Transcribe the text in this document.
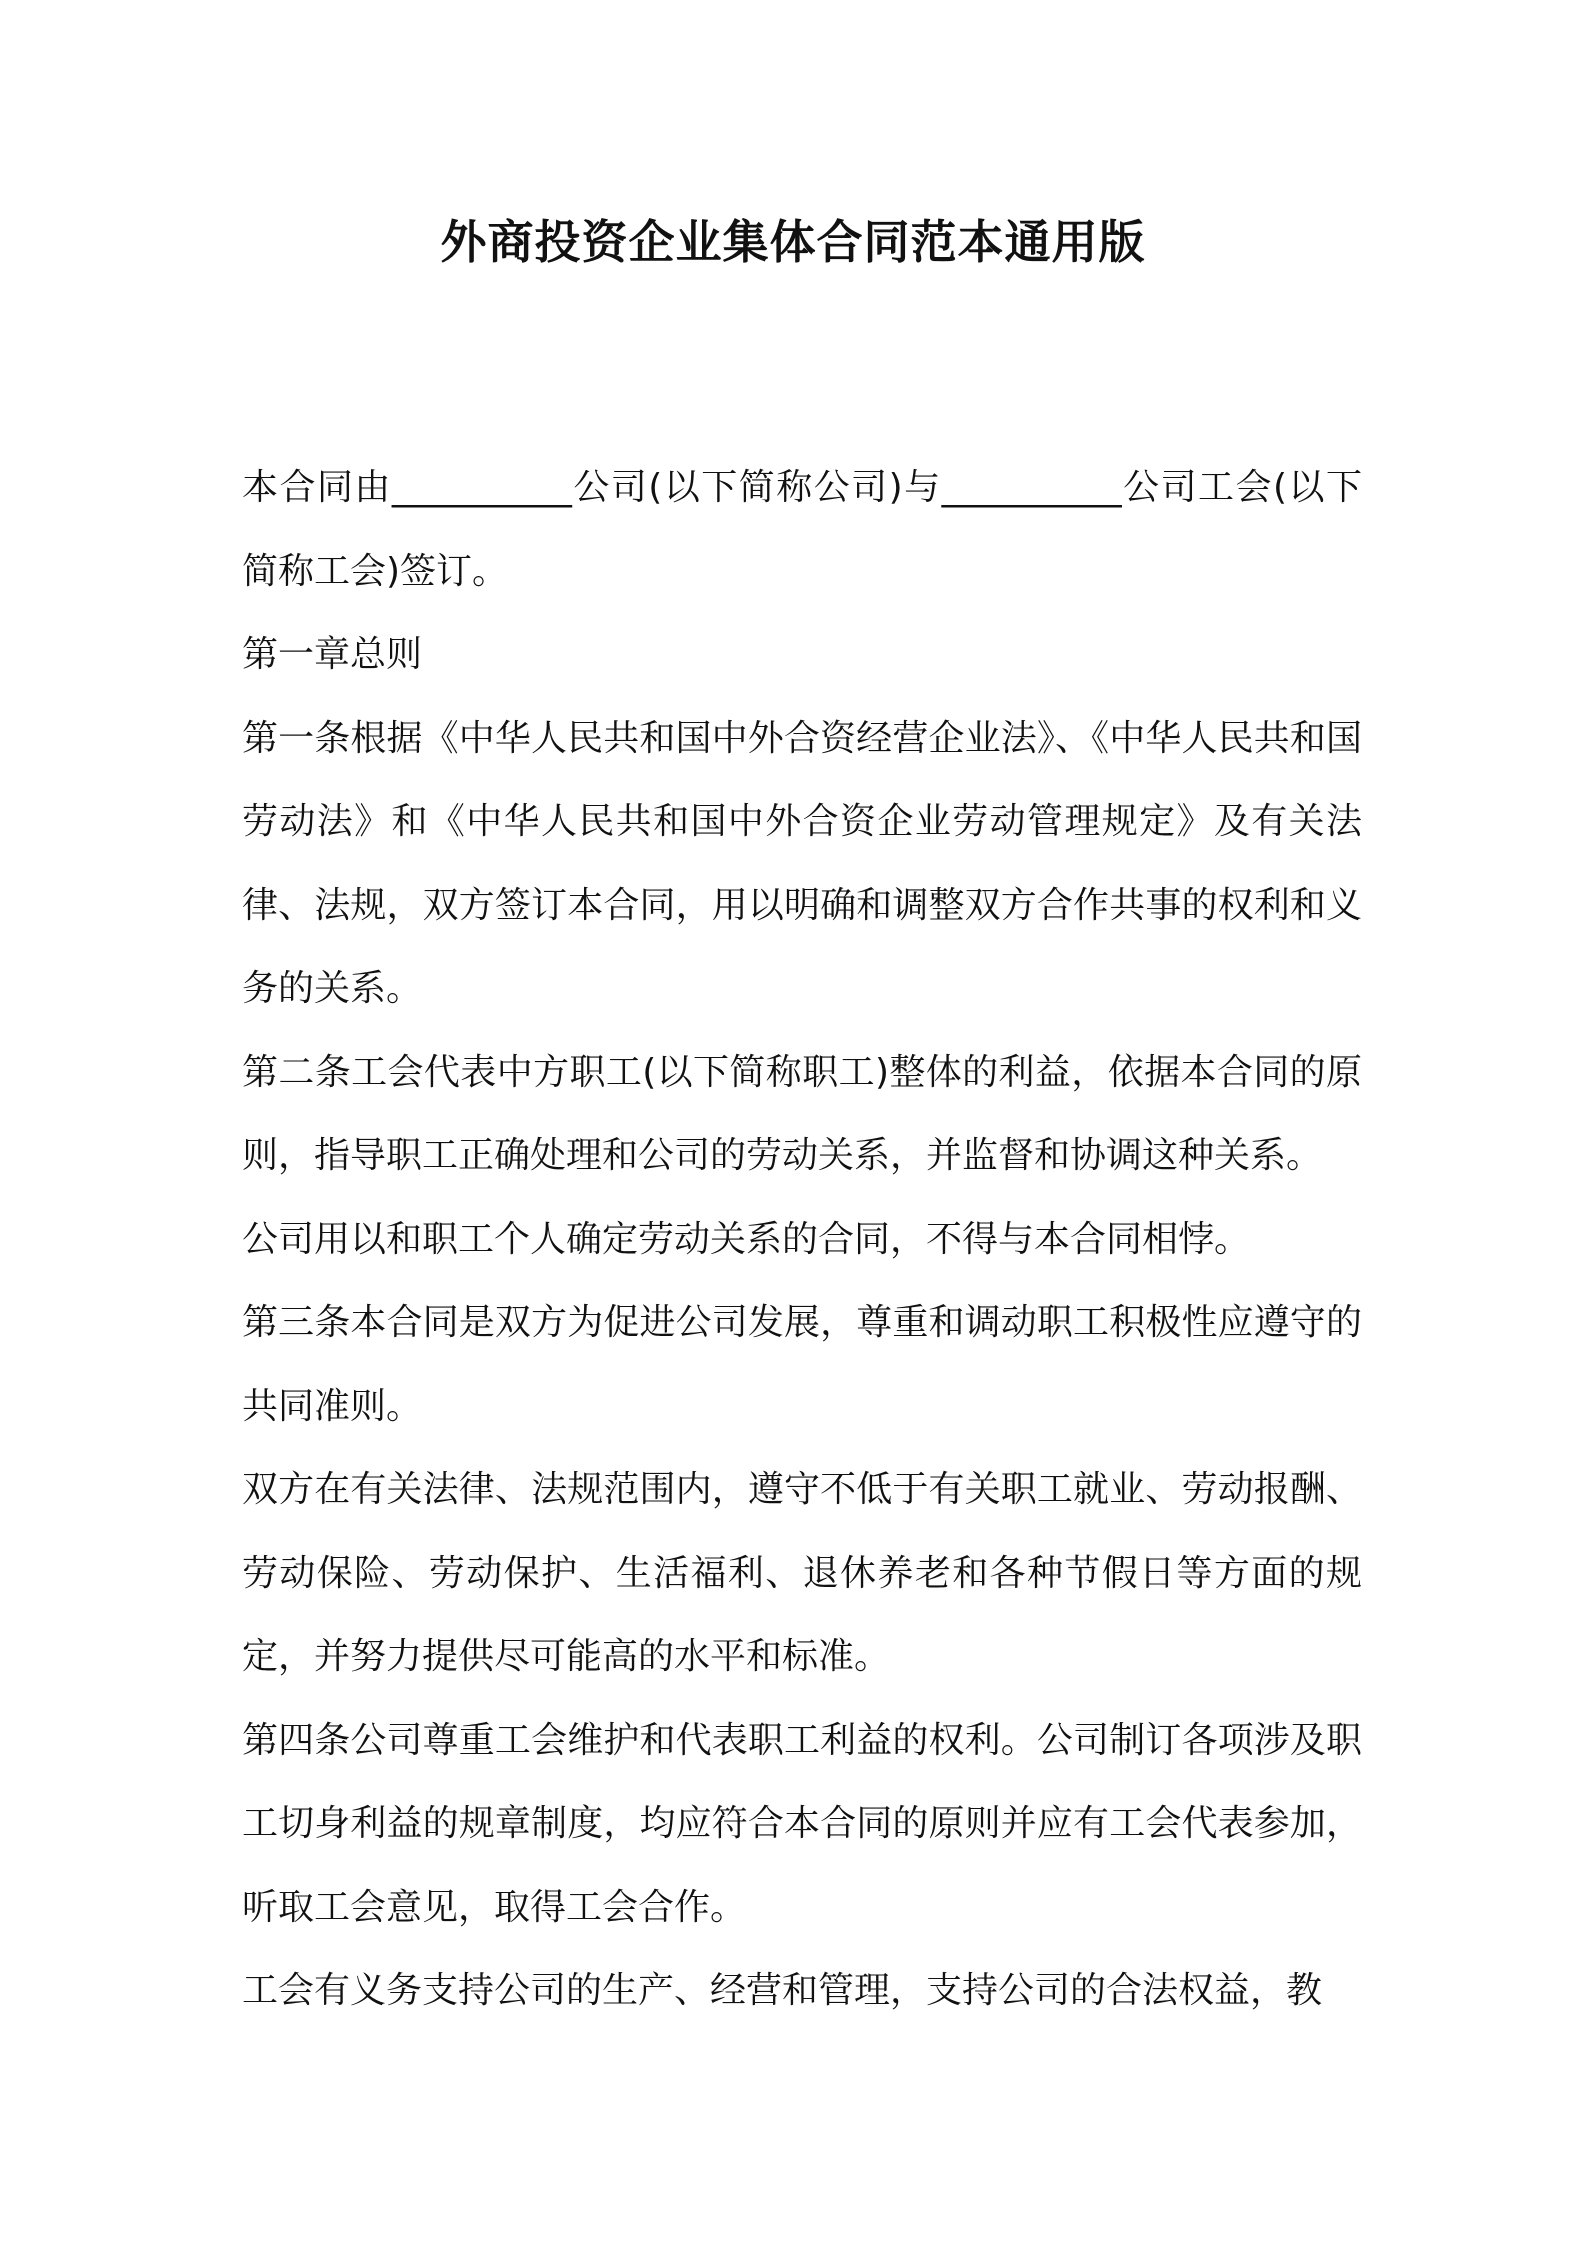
外商投资企业集体合同范本通用版

本合同由__________公司(以下简称公司)与__________公司工会(以下简称工会)签订。

第一章总则

第一条根据《中华人民共和国中外合资经营企业法》、《中华人民共和国劳动法》和《中华人民共和国中外合资企业劳动管理规定》及有关法律、法规，双方签订本合同，用以明确和调整双方合作共事的权利和义务的关系。

第二条工会代表中方职工(以下简称职工)整体的利益，依据本合同的原则，指导职工正确处理和公司的劳动关系，并监督和协调这种关系。

公司用以和职工个人确定劳动关系的合同，不得与本合同相悖。

第三条本合同是双方为促进公司发展，尊重和调动职工积极性应遵守的共同准则。

双方在有关法律、法规范围内，遵守不低于有关职工就业、劳动报酬、劳动保险、劳动保护、生活福利、退休养老和各种节假日等方面的规定，并努力提供尽可能高的水平和标准。

第四条公司尊重工会维护和代表职工利益的权利。公司制订各项涉及职工切身利益的规章制度，均应符合本合同的原则并应有工会代表参加，听取工会意见，取得工会合作。

工会有义务支持公司的生产、经营和管理，支持公司的合法权益，教
